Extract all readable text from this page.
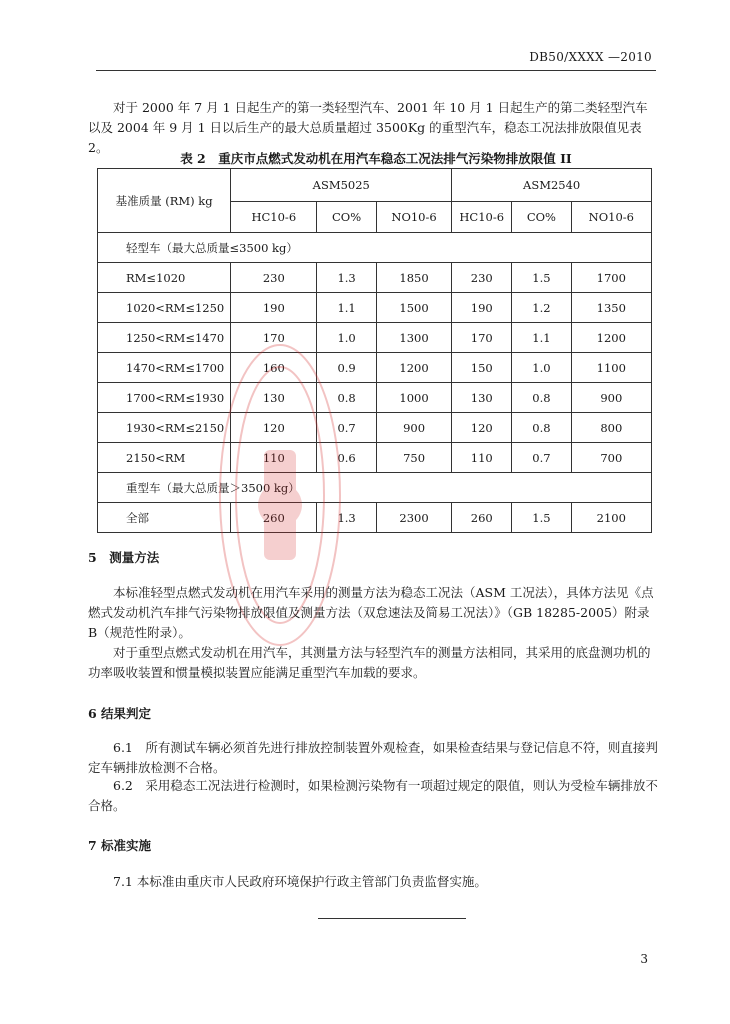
DB50/XXXX —2010

对于 2000 年 7 月 1 日起生产的第一类轻型汽车、2001 年 10 月 1 日起生产的第二类轻型汽车以及 2004 年 9 月 1 日以后生产的最大总质量超过 3500Kg 的重型汽车，稳态工况法排放限值见表 2。

表 2　重庆市点燃式发动机在用汽车稳态工况法排气污染物排放限值 II
基准质量 (RM) kg	ASM5025			ASM2540		
	HC10-6	CO%	NO10-6	HC10-6	CO%	NO10-6
轻型车（最大总质量≤3500 kg）						
RM≤1020	230	1.3	1850	230	1.5	1700
1020<RM≤1250	190	1.1	1500	190	1.2	1350
1250<RM≤1470	170	1.0	1300	170	1.1	1200
1470<RM≤1700	160	0.9	1200	150	1.0	1100
1700<RM≤1930	130	0.8	1000	130	0.8	900
1930<RM≤2150	120	0.7	900	120	0.8	800
2150<RM	110	0.6	750	110	0.7	700
重型车（最大总质量＞3500 kg）						
全部	260	1.3	2300	260	1.5	2100
5　测量方法

本标准轻型点燃式发动机在用汽车采用的测量方法为稳态工况法（ASM 工况法），具体方法见《点燃式发动机汽车排气污染物排放限值及测量方法（双怠速法及简易工况法）》（GB 18285-2005）附录 B（规范性附录）。

对于重型点燃式发动机在用汽车，其测量方法与轻型汽车的测量方法相同，其采用的底盘测功机的功率吸收装置和惯量模拟装置应能满足重型汽车加载的要求。

6 结果判定

6.1　所有测试车辆必须首先进行排放控制装置外观检查，如果检查结果与登记信息不符，则直接判定车辆排放检测不合格。

6.2　采用稳态工况法进行检测时，如果检测污染物有一项超过规定的限值，则认为受检车辆排放不合格。

7 标准实施

7.1 本标准由重庆市人民政府环境保护行政主管部门负责监督实施。

3
